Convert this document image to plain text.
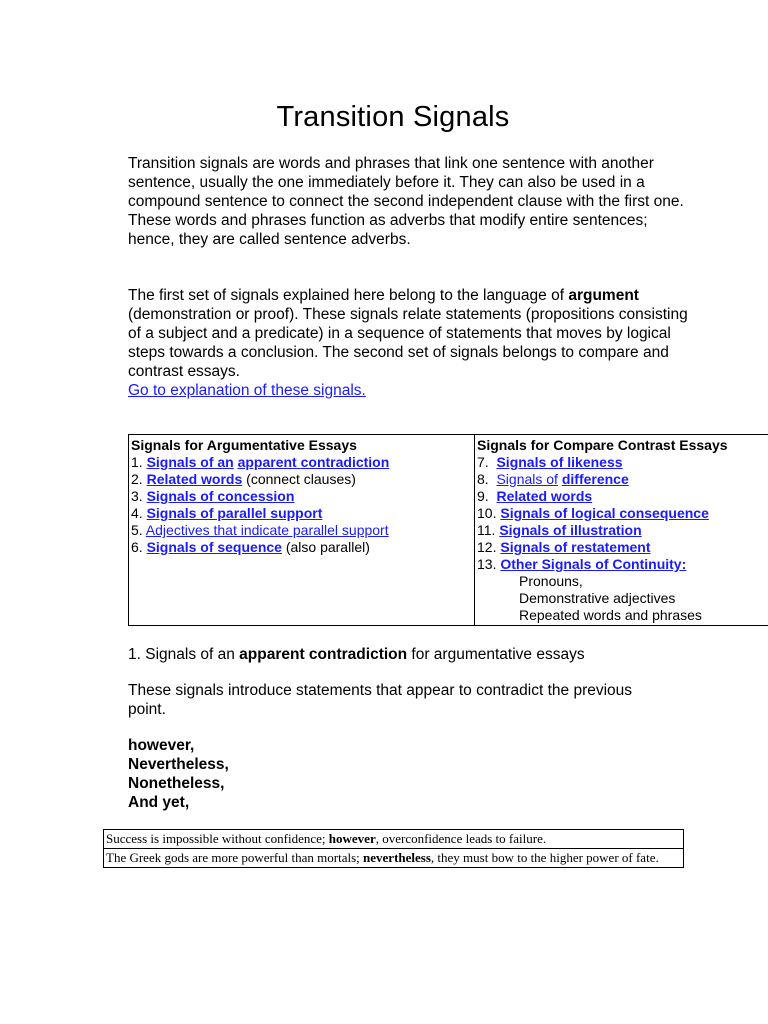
Transition Signals

Transition signals are words and phrases that link one sentence with another sentence, usually the one immediately before it. They can also be used in a compound sentence to connect the second independent clause with the first one. These words and phrases function as adverbs that modify entire sentences; hence, they are called sentence adverbs.

The first set of signals explained here belong to the language of argument (demonstration or proof). These signals relate statements (propositions consisting of a subject and a predicate) in a sequence of statements that moves by logical steps towards a conclusion. The second set of signals belongs to compare and contrast essays.
Go to explanation of these signals.

Signals for Argumentative Essays
1. Signals of an apparent contradiction
2. Related words (connect clauses)
3. Signals of concession
4. Signals of parallel support
5. Adjectives that indicate parallel support
6. Signals of sequence (also parallel)
Signals for Compare Contrast Essays
7.  Signals of likeness
8.  Signals of difference
9.  Related words
10. Signals of logical consequence
11. Signals of illustration
12. Signals of restatement
13. Other Signals of Continuity:
Pronouns,
Demonstrative adjectives
Repeated words and phrases

1. Signals of an apparent contradiction for argumentative essays

These signals introduce statements that appear to contradict the previous point.

however,
Nevertheless,
Nonetheless,
And yet,
Success is impossible without confidence; however, overconfidence leads to failure.
The Greek gods are more powerful than mortals; nevertheless, they must bow to the higher power of fate.
